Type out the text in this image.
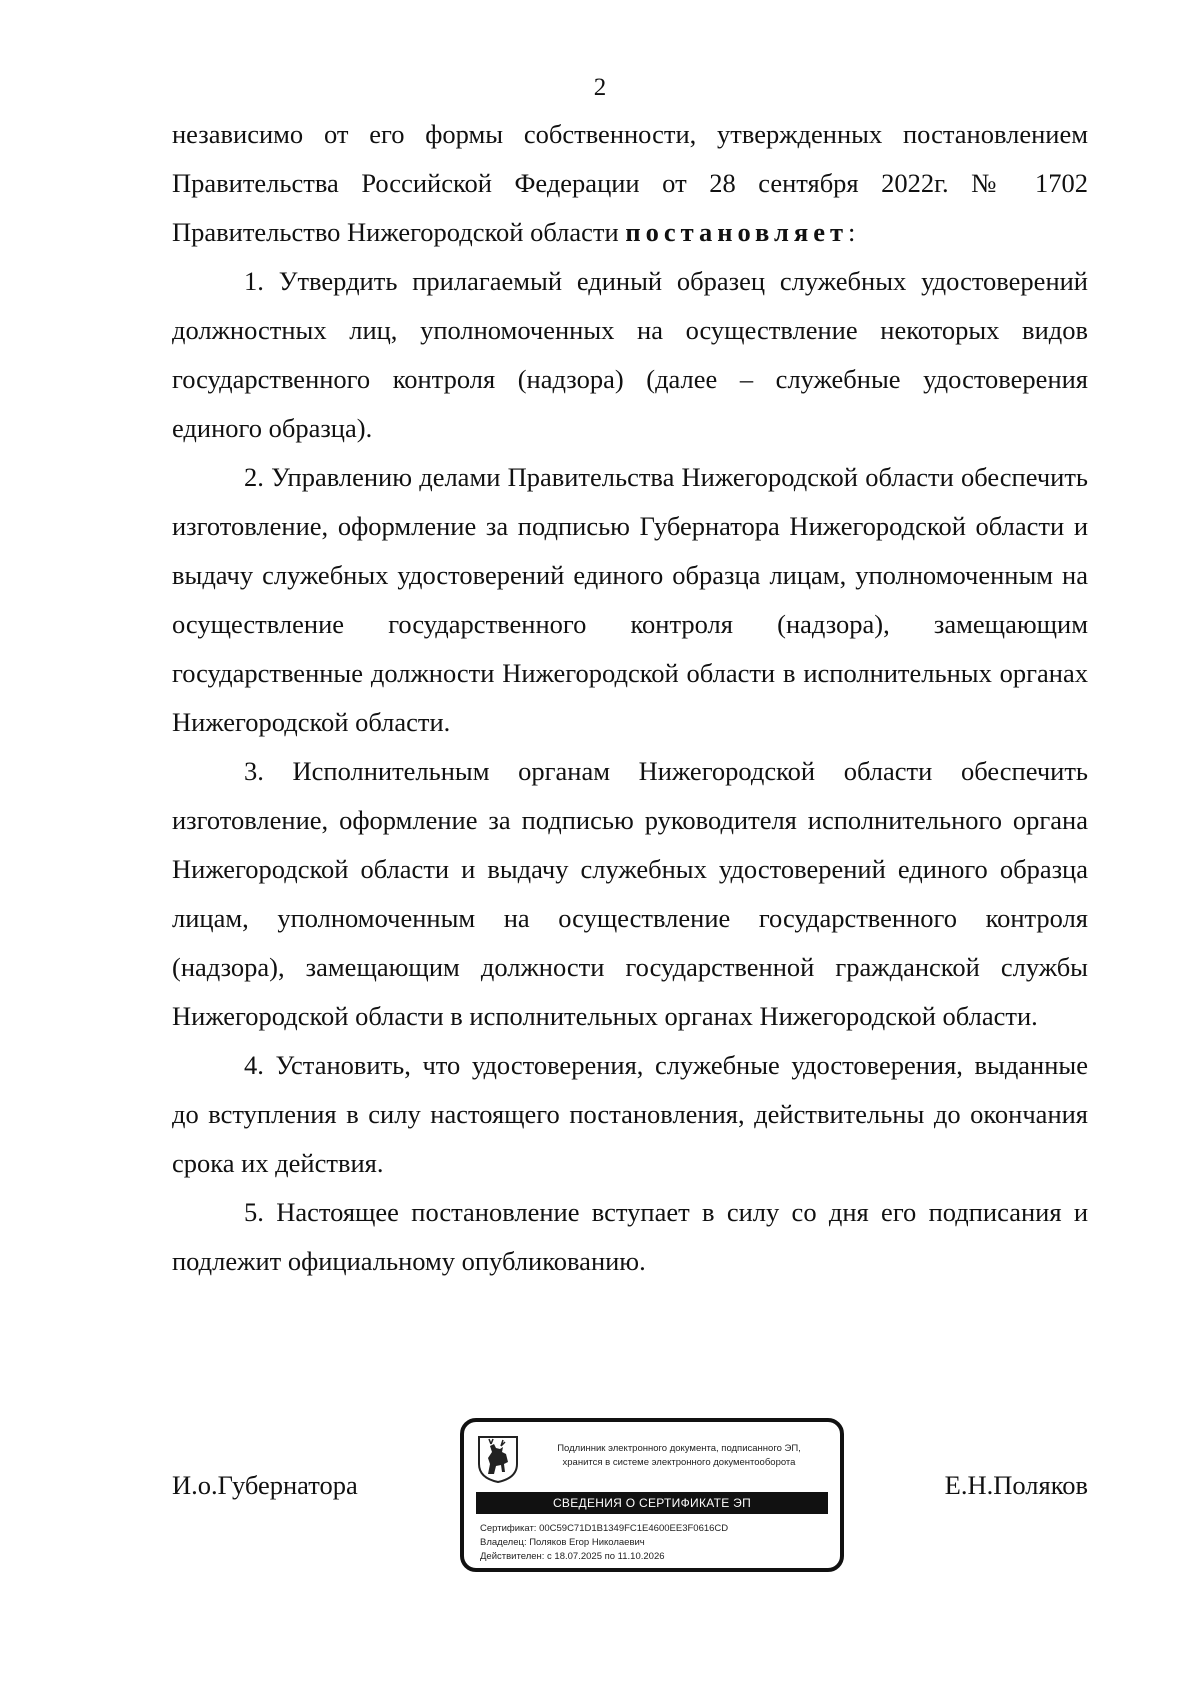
2

независимо от его формы собственности, утвержденных постановлением Правительства Российской Федерации от 28 сентября 2022г. № 1702 Правительство Нижегородской области постановляет:

1. Утвердить прилагаемый единый образец служебных удостоверений должностных лиц, уполномоченных на осуществление некоторых видов государственного контроля (надзора) (далее – служебные удостоверения единого образца).

2. Управлению делами Правительства Нижегородской области обеспечить изготовление, оформление за подписью Губернатора Нижегородской области и выдачу служебных удостоверений единого образца лицам, уполномоченным на осуществление государственного контроля (надзора), замещающим государственные должности Нижегородской области в исполнительных органах Нижегородской области.

3. Исполнительным органам Нижегородской области обеспечить изготовление, оформление за подписью руководителя исполнительного органа Нижегородской области и выдачу служебных удостоверений единого образца лицам, уполномоченным на осуществление государственного контроля (надзора), замещающим должности государственной гражданской службы Нижегородской области в исполнительных органах Нижегородской области.

4. Установить, что удостоверения, служебные удостоверения, выданные до вступления в силу настоящего постановления, действительны до окончания срока их действия.

5. Настоящее постановление вступает в силу со дня его подписания и подлежит официальному опубликованию.

И.о.Губернатора
Подлинник электронного документа, подписанного ЭП,
хранится в системе электронного документооборота
СВЕДЕНИЯ О СЕРТИФИКАТЕ ЭП
Сертификат: 00C59C71D1B1349FC1E4600EE3F0616CD
Владелец: Поляков Егор Николаевич
Действителен: с 18.07.2025 по 11.10.2026
Е.Н.Поляков
